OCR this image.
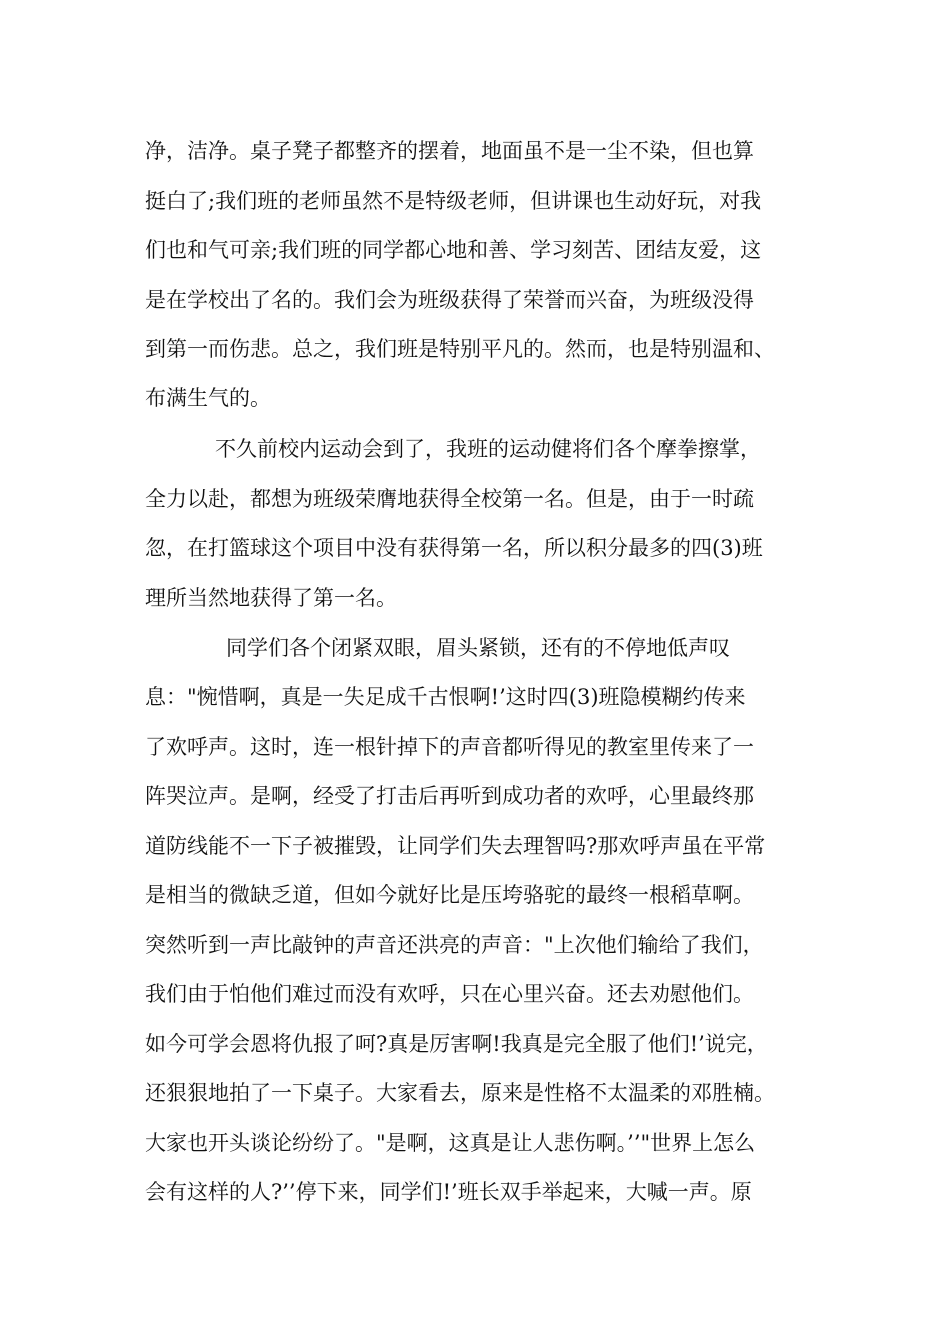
净，洁净。桌子凳子都整齐的摆着，地面虽不是一尘不染，但也算
挺白了;我们班的老师虽然不是特级老师，但讲课也生动好玩，对我
们也和气可亲;我们班的同学都心地和善、学习刻苦、团结友爱，这
是在学校出了名的。我们会为班级获得了荣誉而兴奋，为班级没得
到第一而伤悲。总之，我们班是特别平凡的。然而，也是特别温和、
布满生气的。
不久前校内运动会到了，我班的运动健将们各个摩拳擦掌，
全力以赴，都想为班级荣膺地获得全校第一名。但是，由于一时疏
忽，在打篮球这个项目中没有获得第一名，所以积分最多的四(3)班
理所当然地获得了第一名。
同学们各个闭紧双眼，眉头紧锁，还有的不停地低声叹
息："惋惜啊，真是一失足成千古恨啊!’这时四(3)班隐模糊约传来
了欢呼声。这时，连一根针掉下的声音都听得见的教室里传来了一
阵哭泣声。是啊，经受了打击后再听到成功者的欢呼，心里最终那
道防线能不一下子被摧毁，让同学们失去理智吗?那欢呼声虽在平常
是相当的微缺乏道，但如今就好比是压垮骆驼的最终一根稻草啊。
突然听到一声比敲钟的声音还洪亮的声音："上次他们输给了我们，
我们由于怕他们难过而没有欢呼，只在心里兴奋。还去劝慰他们。
如今可学会恩将仇报了呵?真是厉害啊!我真是完全服了他们!’说完，
还狠狠地拍了一下桌子。大家看去，原来是性格不太温柔的邓胜楠。
大家也开头谈论纷纷了。"是啊，这真是让人悲伤啊。’’"世界上怎么
会有这样的人?’’停下来，同学们!’班长双手举起来，大喊一声。原
